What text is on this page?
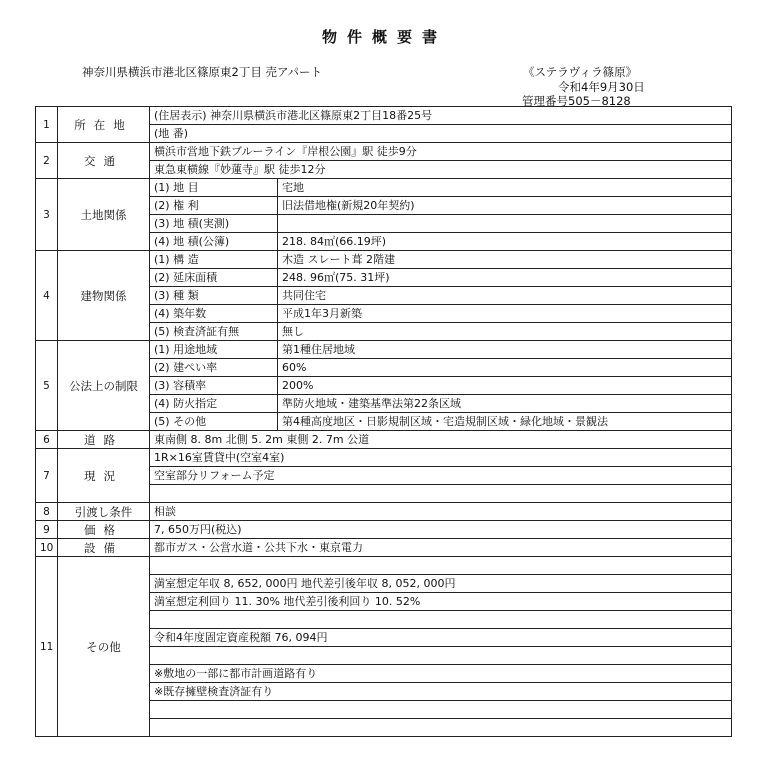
物件概要書
神奈川県横浜市港北区篠原東2丁目 売アパート	《ステラヴィラ篠原》
令和4年9月30日
管理番号505－8128
1	所在地	(住居表示) 神奈川県横浜市港北区篠原東2丁目18番25号	
		(地 番)	
2	交通	横浜市営地下鉄ブルーライン『岸根公園』駅 徒歩9分	
		東急東横線『妙蓮寺』駅 徒歩12分	
3	土地関係	(1) 地 目	宅地
		(2) 権 利	旧法借地権(新規20年契約)
		(3) 地 積(実測)	
		(4) 地 積(公簿)	218. 84㎡(66.19坪)
4	建物関係	(1) 構 造	木造 スレート葺 2階建
		(2) 延床面積	248. 96㎡(75. 31坪)
		(3) 種 類	共同住宅
		(4) 築年数	平成1年3月新築
		(5) 検査済証有無	無し
5	公法上の制限	(1) 用途地域	第1種住居地域
		(2) 建ぺい率	60%
		(3) 容積率	200%
		(4) 防火指定	準防火地域・建築基準法第22条区域
		(5) その他	第4種高度地区・日影規制区域・宅造規制区域・緑化地域・景観法
6	道路	東南側 8. 8m 北側 5. 2m 東側 2. 7m 公道	
7	現況	1R×16室賃貸中(空室4室)	
		空室部分リフォーム予定	

8	引渡し条件	相談	
9	価格	7, 650万円(税込)	
10	設備	都市ガス・公営水道・公共下水・東京電力	
11	その他		
		満室想定年収 8, 652, 000円 地代差引後年収 8, 052, 000円	
		満室想定利回り 11. 30% 地代差引後利回り 10. 52%	

		令和4年度固定資産税額 76, 094円	

		※敷地の一部に都市計画道路有り	
		※既存擁壁検査済証有り	
